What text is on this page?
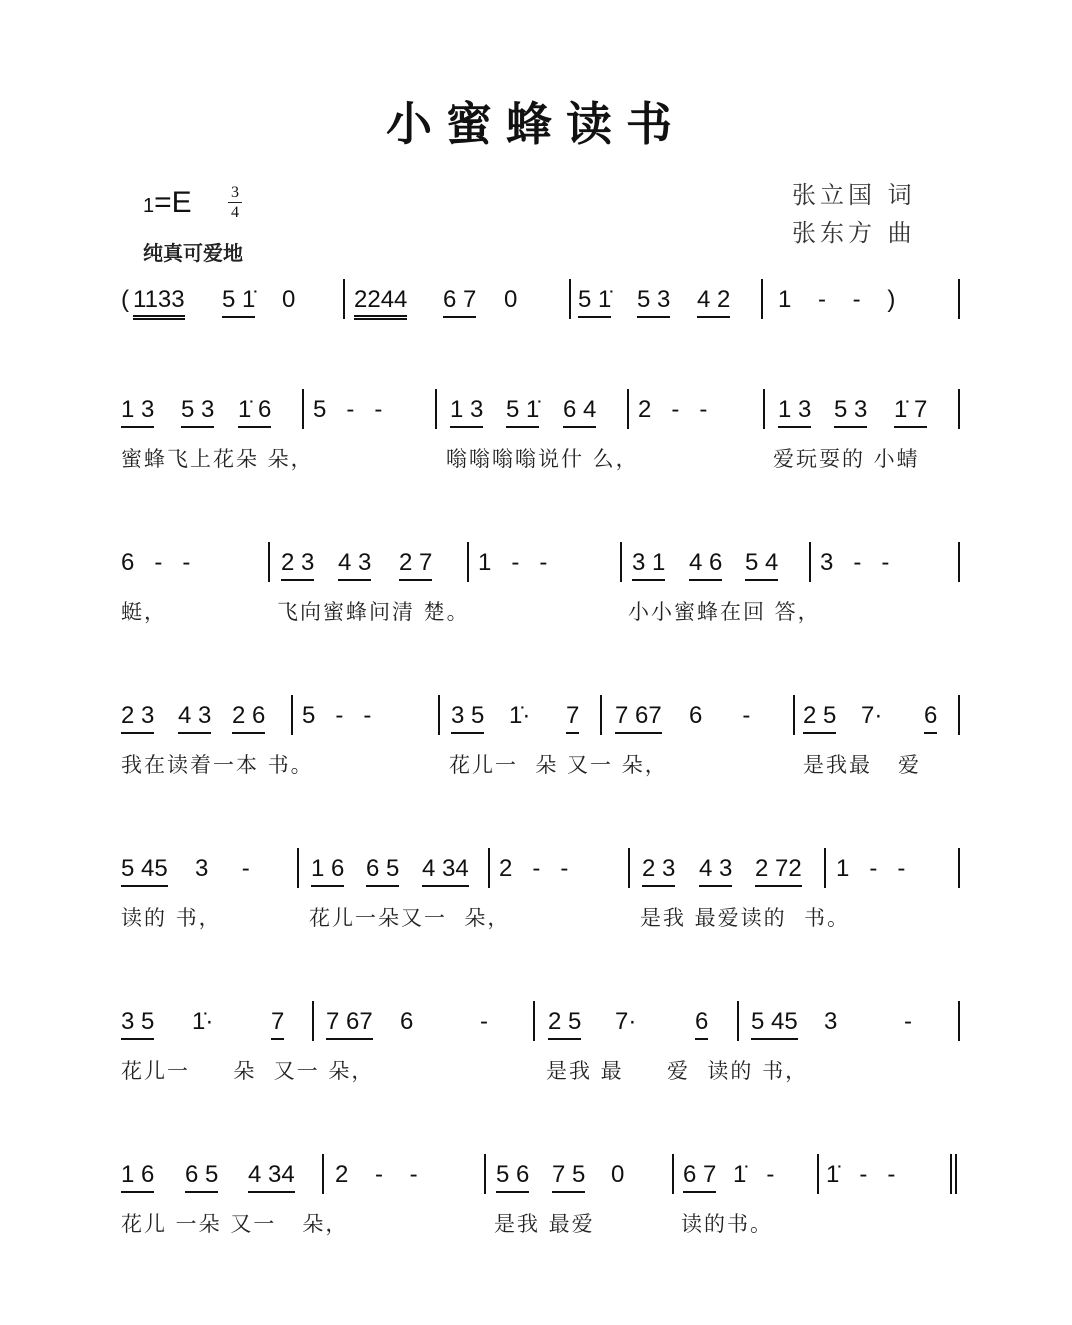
小蜜蜂读书
1=E 3
4
纯真可爱地
张立国 词
张东方 曲
( 1133 5 1̇ 0 2244 6 7 0	5 1̇ 5 3 4 2 1    -    -    )
1 3 5 3 1̇ 6 5   -   -	1 3 5 1̇ 6 4 2   -   -	1 3 5 3 1̇ 7
蜜蜂飞上花朵 朵，	嗡嗡嗡嗡说什 么，	爱玩耍的 小蜻
6   -   -	2 3 4 3 2 7 1   -   -	3 1 4 6 5 4 3   -   -
蜓，	飞向蜜蜂问清 楚。	小小蜜蜂在回 答，
2 3 4 3 2 6 5   -   -	3 5 1̇· 7 7 67 6      - 2 5 7· 6
我在读着一本 书。	花儿一  朵 又一 朵，	是我最   爱
5 45 3     -	1 6 6 5 4 34 2   -   -	2 3 4 3 2 72 1   -   -
读的 书，	花儿一朵又一  朵，	是我 最爱读的  书。
3 5 1̇· 7 7 67 6          - 2 5 7· 6 5 45 3          -
花儿一     朵  又一 朵，	是我 最     爱  读的 书，
1 6 6 5 4 34 2    -    -	5 6 7 5 0 6 7 1̇   - 1̇   -   -
花儿 一朵 又一   朵，	是我 最爱	读的书。
